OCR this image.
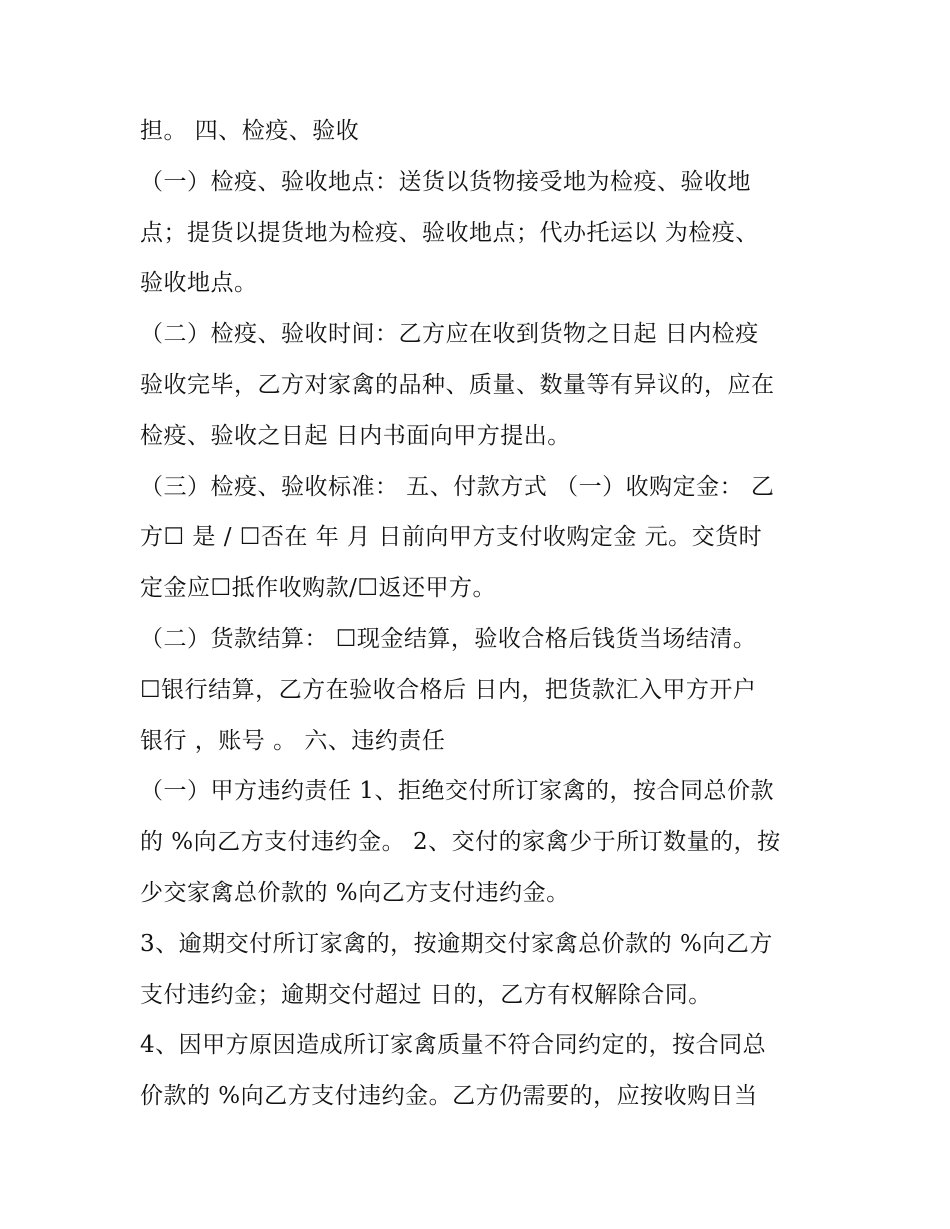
担。 四、检疫、验收
（一）检疫、验收地点：送货以货物接受地为检疫、验收地
点；提货以提货地为检疫、验收地点；代办托运以 为检疫、
验收地点。
（二）检疫、验收时间：乙方应在收到货物之日起 日内检疫
验收完毕，乙方对家禽的品种、质量、数量等有异议的，应在
检疫、验收之日起 日内书面向甲方提出。
（三）检疫、验收标准： 五、付款方式 （一）收购定金： 乙
方☐ 是 / ☐否在 年 月 日前向甲方支付收购定金 元。交货时
定金应☐抵作收购款/☐返还甲方。
（二）货款结算： ☐现金结算，验收合格后钱货当场结清。
☐银行结算，乙方在验收合格后 日内，把货款汇入甲方开户
银行 ，账号 。 六、违约责任
（一）甲方违约责任 1、拒绝交付所订家禽的，按合同总价款
的 %向乙方支付违约金。 2、交付的家禽少于所订数量的，按
少交家禽总价款的 %向乙方支付违约金。
3、逾期交付所订家禽的，按逾期交付家禽总价款的 %向乙方
支付违约金；逾期交付超过 日的，乙方有权解除合同。
4、因甲方原因造成所订家禽质量不符合同约定的，按合同总
价款的 %向乙方支付违约金。乙方仍需要的，应按收购日当
